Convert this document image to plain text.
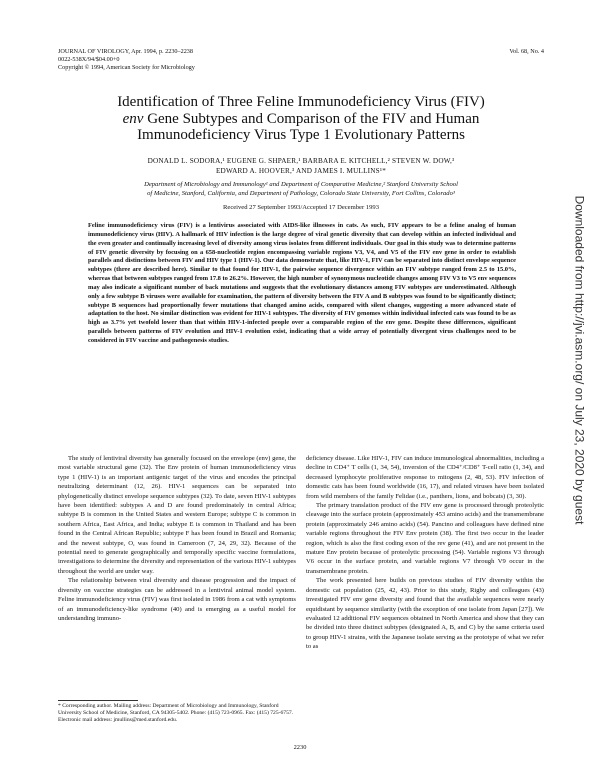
JOURNAL OF VIROLOGY, Apr. 1994, p. 2230–2238
0022-538X/94/$04.00+0
Copyright © 1994, American Society for Microbiology
Vol. 68, No. 4
Identification of Three Feline Immunodeficiency Virus (FIV)
env Gene Subtypes and Comparison of the FIV and Human
Immunodeficiency Virus Type 1 Evolutionary Patterns
DONALD L. SODORA,¹ EUGENE G. SHPAER,¹ BARBARA E. KITCHELL,² STEVEN W. DOW,³
EDWARD A. HOOVER,³ AND JAMES I. MULLINS¹*
Department of Microbiology and Immunology¹ and Department of Comparative Medicine,² Stanford University School
of Medicine, Stanford, California, and Department of Pathology, Colorado State University, Fort Collins, Colorado³
Received 27 September 1993/Accepted 17 December 1993

Feline immunodeficiency virus (FIV) is a lentivirus associated with AIDS-like illnesses in cats. As such, FIV appears to be a feline analog of human immunodeficiency virus (HIV). A hallmark of HIV infection is the large degree of viral genetic diversity that can develop within an infected individual and the even greater and continually increasing level of diversity among virus isolates from different individuals. Our goal in this study was to determine patterns of FIV genetic diversity by focusing on a 658-nucleotide region encompassing variable regions V3, V4, and V5 of the FIV env gene in order to establish parallels and distinctions between FIV and HIV type 1 (HIV-1). Our data demonstrate that, like HIV-1, FIV can be separated into distinct envelope sequence subtypes (three are described here). Similar to that found for HIV-1, the pairwise sequence divergence within an FIV subtype ranged from 2.5 to 15.0%, whereas that between subtypes ranged from 17.8 to 26.2%. However, the high number of synonymous nucleotide changes among FIV V3 to V5 env sequences may also indicate a significant number of back mutations and suggests that the evolutionary distances among FIV subtypes are underestimated. Although only a few subtype B viruses were available for examination, the pattern of diversity between the FIV A and B subtypes was found to be significantly distinct; subtype B sequences had proportionally fewer mutations that changed amino acids, compared with silent changes, suggesting a more advanced state of adaptation to the host. No similar distinction was evident for HIV-1 subtypes. The diversity of FIV genomes within individual infected cats was found to be as high as 3.7% yet twofold lower than that within HIV-1-infected people over a comparable region of the env gene. Despite these differences, significant parallels between patterns of FIV evolution and HIV-1 evolution exist, indicating that a wide array of potentially divergent virus challenges need to be considered in FIV vaccine and pathogenesis studies.

The study of lentiviral diversity has generally focused on the envelope (env) gene, the most variable structural gene (32). The Env protein of human immunodeficiency virus type 1 (HIV-1) is an important antigenic target of the virus and encodes the principal neutralizing determinant (12, 26). HIV-1 sequences can be separated into phylogenetically distinct envelope sequence subtypes (32). To date, seven HIV-1 subtypes have been identified: subtypes A and D are found predominately in central Africa; subtype B is common in the United States and western Europe; subtype C is common in southern Africa, East Africa, and India; subtype E is common in Thailand and has been found in the Central African Republic; subtype F has been found in Brazil and Romania; and the newest subtype, O, was found in Cameroon (7, 24, 29, 32). Because of the potential need to generate geographically and temporally specific vaccine formulations, investigations to determine the diversity and representation of the various HIV-1 subtypes throughout the world are under way.

The relationship between viral diversity and disease progression and the impact of diversity on vaccine strategies can be addressed in a lentiviral animal model system. Feline immunodeficiency virus (FIV) was first isolated in 1986 from a cat with symptoms of an immunodeficiency-like syndrome (40) and is emerging as a useful model for understanding immuno-

deficiency disease. Like HIV-1, FIV can induce immunological abnormalities, including a decline in CD4⁺ T cells (1, 34, 54), inversion of the CD4⁺/CD8⁺ T-cell ratio (1, 34), and decreased lymphocyte proliferative response to mitogens (2, 48, 53). FIV infection of domestic cats has been found worldwide (16, 17), and related viruses have been isolated from wild members of the family Felidae (i.e., panthers, lions, and bobcats) (3, 30).

The primary translation product of the FIV env gene is processed through proteolytic cleavage into the surface protein (approximately 453 amino acids) and the transmembrane protein (approximately 246 amino acids) (54). Pancino and colleagues have defined nine variable regions throughout the FIV Env protein (38). The first two occur in the leader region, which is also the first coding exon of the rev gene (41), and are not present in the mature Env protein because of proteolytic processing (54). Variable regions V3 through V6 occur in the surface protein, and variable regions V7 through V9 occur in the transmembrane protein.

The work presented here builds on previous studies of FIV diversity within the domestic cat population (25, 42, 43). Prior to this study, Rigby and colleagues (43) investigated FIV env gene diversity and found that the available sequences were nearly equidistant by sequence similarity (with the exception of one isolate from Japan [27]). We evaluated 12 additional FIV sequences obtained in North America and show that they can be divided into three distinct subtypes (designated A, B, and C) by the same criteria used to group HIV-1 strains, with the Japanese isolate serving as the prototype of what we refer to as

* Corresponding author. Mailing address: Department of Microbiology and Immunology, Stanford University School of Medicine, Stanford, CA 94305-5402. Phone: (415) 723-0965. Fax: (415) 725-6757. Electronic mail address: jmullins@med.stanford.edu.
2230
Downloaded from http://jvi.asm.org/ on July 23, 2020 by guest
